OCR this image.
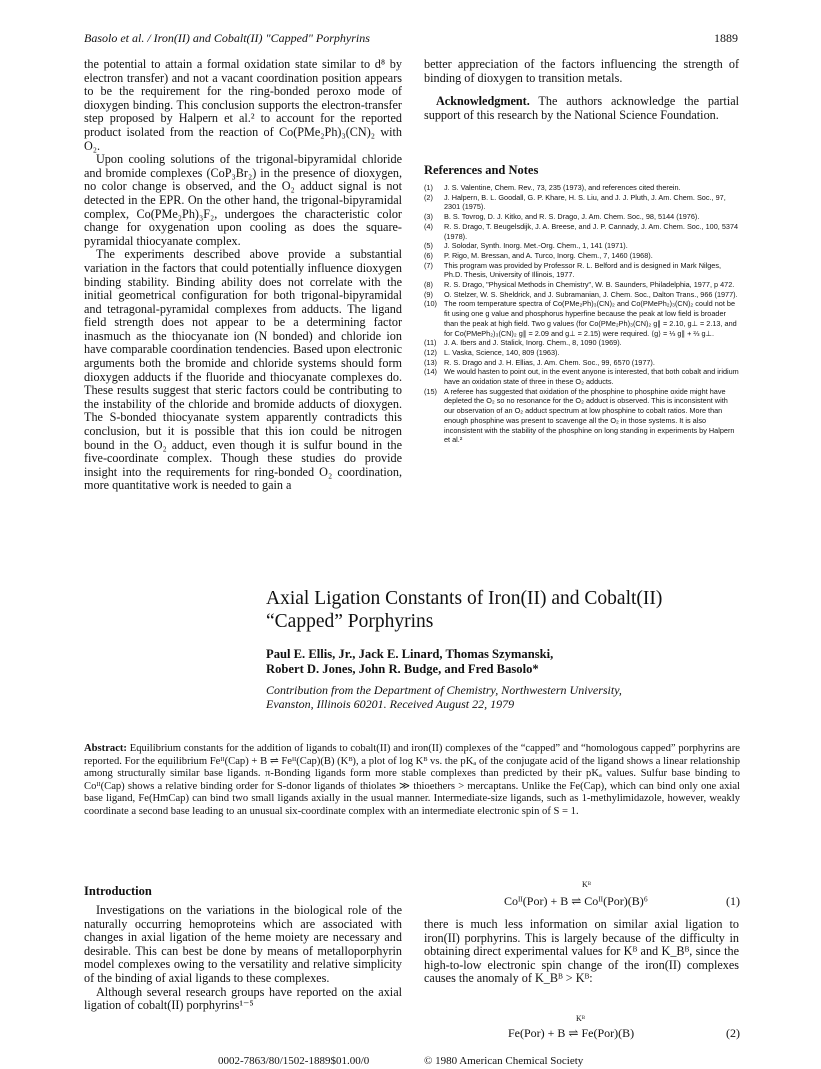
Basolo et al. / Iron(II) and Cobalt(II) "Capped" Porphyrins	1889

the potential to attain a formal oxidation state similar to d⁸ by electron transfer) and not a vacant coordination position appears to be the requirement for the ring-bonded peroxo mode of dioxygen binding. This conclusion supports the electron-transfer step proposed by Halpern et al.² to account for the reported product isolated from the reaction of Co(PMe₂Ph)₃(CN)₂ with O₂.

Upon cooling solutions of the trigonal-bipyramidal chloride and bromide complexes (CoP₃Br₂) in the presence of dioxygen, no color change is observed, and the O₂ adduct signal is not detected in the EPR. On the other hand, the trigonal-bipyramidal complex, Co(PMe₂Ph)₃F₂, undergoes the characteristic color change for oxygenation upon cooling as does the square-pyramidal thiocyanate complex.

The experiments described above provide a substantial variation in the factors that could potentially influence dioxygen binding stability. Binding ability does not correlate with the initial geometrical configuration for both trigonal-bipyramidal and tetragonal-pyramidal complexes from adducts. The ligand field strength does not appear to be a determining factor inasmuch as the thiocyanate ion (N bonded) and chloride ion have comparable coordination tendencies. Based upon electronic arguments both the bromide and chloride systems should form dioxygen adducts if the fluoride and thiocyanate complexes do. These results suggest that steric factors could be contributing to the instability of the chloride and bromide adducts of dioxygen. The S-bonded thiocyanate system apparently contradicts this conclusion, but it is possible that this ion could be nitrogen bound in the O₂ adduct, even though it is sulfur bound in the five-coordinate complex. Though these studies do provide insight into the requirements for ring-bonded O₂ coordination, more quantitative work is needed to gain a

better appreciation of the factors influencing the strength of binding of dioxygen to transition metals.

Acknowledgment. The authors acknowledge the partial support of this research by the National Science Foundation.

References and Notes
(1)	J. S. Valentine, Chem. Rev., 73, 235 (1973), and references cited therein.
(2)	J. Halpern, B. L. Goodall, G. P. Khare, H. S. Liu, and J. J. Pluth, J. Am. Chem. Soc., 97, 2301 (1975).
(3)	B. S. Tovrog, D. J. Kitko, and R. S. Drago, J. Am. Chem. Soc., 98, 5144 (1976).
(4)	R. S. Drago, T. Beugelsdijk, J. A. Breese, and J. P. Cannady, J. Am. Chem. Soc., 100, 5374 (1978).
(5)	J. Solodar, Synth. Inorg. Met.-Org. Chem., 1, 141 (1971).
(6)	P. Rigo, M. Bressan, and A. Turco, Inorg. Chem., 7, 1460 (1968).
(7)	This program was provided by Professor R. L. Belford and is designed in Mark Nilges, Ph.D. Thesis, University of Illinois, 1977.
(8)	R. S. Drago, "Physical Methods in Chemistry", W. B. Saunders, Philadelphia, 1977, p 472.
(9)	O. Stelzer, W. S. Sheldrick, and J. Subramanian, J. Chem. Soc., Dalton Trans., 966 (1977).
(10) The room temperature spectra of Co(PMe₂Ph)₃(CN)₂ and Co(PMePh₂)₃(CN)₂ could not be fit using one g value and phosphorus hyperfine because the peak at low field is broader than the peak at high field. Two g values (for Co(PMe₂Ph)₃(CN)₂ g∥ = 2.10, g⊥ = 2.13, and for Co(PMePh₂)₃(CN)₂ g∥ = 2.09 and g⊥ = 2.15) were required. ⟨g⟩ = ⅓ g∥ + ⅔ g⊥.
(11)	J. A. Ibers and J. Stalick, Inorg. Chem., 8, 1090 (1969).
(12) L. Vaska, Science, 140, 809 (1963).
(13) R. S. Drago and J. H. Ellias, J. Am. Chem. Soc., 99, 6570 (1977).
(14) We would hasten to point out, in the event anyone is interested, that both cobalt and iridium have an oxidation state of three in these O₂ adducts.
(15) A referee has suggested that oxidation of the phosphine to phosphine oxide might have depleted the O₂ so no resonance for the O₂ adduct is observed. This is inconsistent with our observation of an O₂ adduct spectrum at low phosphine to cobalt ratios. More than enough phosphine was present to scavenge all the O₂ in those systems. It is also inconsistent with the stability of the phosphine on long standing in experiments by Halpern et al.²
Axial Ligation Constants of Iron(II) and Cobalt(II)
“Capped” Porphyrins
Paul E. Ellis, Jr., Jack E. Linard, Thomas Szymanski,
Robert D. Jones, John R. Budge, and Fred Basolo*
Contribution from the Department of Chemistry, Northwestern University,
Evanston, Illinois 60201. Received August 22, 1979
Abstract: Equilibrium constants for the addition of ligands to cobalt(II) and iron(II) complexes of the “capped” and “homologous capped” porphyrins are reported. For the equilibrium Feᴵᴵ(Cap) + B ⇌ Feᴵᴵ(Cap)(B) (Kᴮ), a plot of log Kᴮ vs. the pKₐ of the conjugate acid of the ligand shows a linear relationship among structurally similar base ligands. π-Bonding ligands form more stable complexes than predicted by their pKₐ values. Sulfur base binding to Coᴵᴵ(Cap) shows a relative binding order for S-donor ligands of thiolates ≫ thioethers > mercaptans. Unlike the Fe(Cap), which can bind only one axial base ligand, Fe(HmCap) can bind two small ligands axially in the usual manner. Intermediate-size ligands, such as 1-methylimidazole, however, weakly coordinate a second base leading to an unusual six-coordinate complex with an intermediate electronic spin of S = 1.
Introduction

Investigations on the variations in the biological role of the naturally occurring hemoproteins which are associated with changes in axial ligation of the heme moiety are necessary and desirable. This can best be done by means of metalloporphyrin model complexes owing to the versatility and relative simplicity of the binding of axial ligands to these complexes.

Although several research groups have reported on the axial ligation of cobalt(II) porphyrins¹⁻⁵

Kᴮ
Coᴵᴵ(Por) + B ⇌ Coᴵᴵ(Por)(B)⁶	(1)

there is much less information on similar axial ligation to iron(II) porphyrins. This is largely because of the difficulty in obtaining direct experimental values for Kᴮ and K_Bᴮ, since the high-to-low electronic spin change of the iron(II) complexes causes the anomaly of K_Bᴮ > Kᴮ:

Kᴮ
Fe(Por) + B ⇌ Fe(Por)(B)	(2)
0002-7863/80/1502-1889$01.00/0	© 1980 American Chemical Society
